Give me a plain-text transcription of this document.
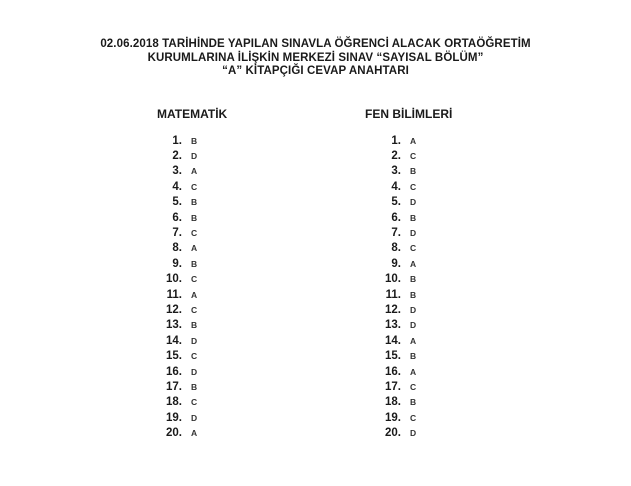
02.06.2018 TARİHİNDE YAPILAN SINAVLA ÖĞRENCİ ALACAK ORTAÖĞRETİM
KURUMLARINA İLİŞKİN MERKEZİ SINAV “SAYISAL BÖLÜM”
“A” KİTAPÇIĞI CEVAP ANAHTARI
MATEMATİK	FEN BİLİMLERİ
1. B
2. D
3. A
4. C
5. B
6. B
7. C
8. A
9. B
10. C
11. A
12. C
13. B
14. D
15. C
16. D
17. B
18. C
19. D
20. A
1. A
2. C
3. B
4. C
5. D
6. B
7. D
8. C
9. A
10. B
11. B
12. D
13. D
14. A
15. B
16. A
17. C
18. B
19. C
20. D
